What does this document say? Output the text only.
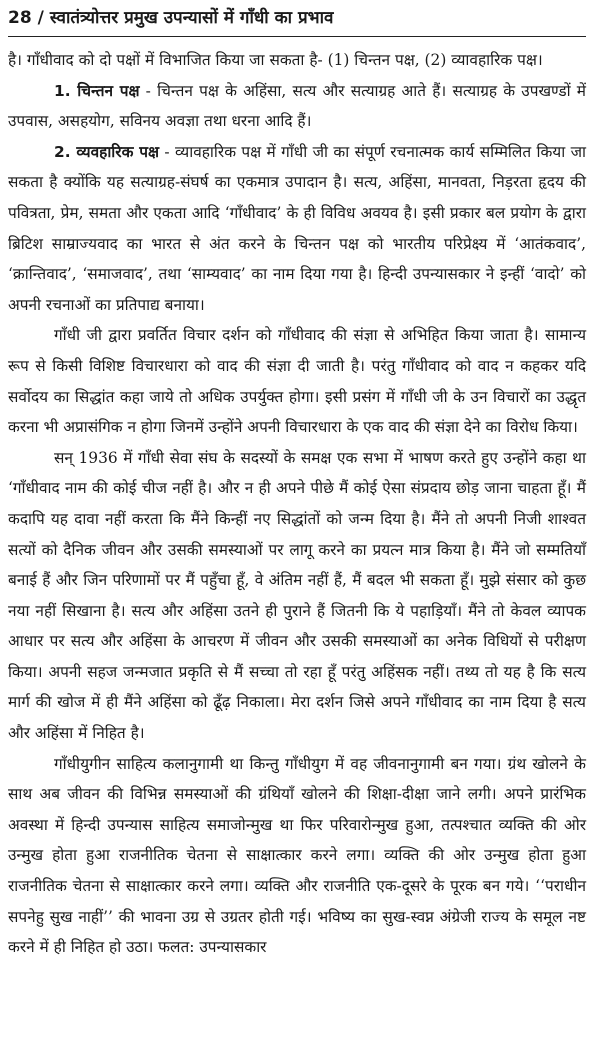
28 / स्वातंत्र्योत्तर प्रमुख उपन्यासों में गाँधी का प्रभाव

है। गाँधीवाद को दो पक्षों में विभाजित किया जा सकता है- (1) चिन्तन पक्ष, (2) व्यावहारिक पक्ष।

1. चिन्तन पक्ष - चिन्तन पक्ष के अहिंसा, सत्य और सत्याग्रह आते हैं। सत्याग्रह के उपखण्डों में उपवास, असहयोग, सविनय अवज्ञा तथा धरना आदि हैं।

2. व्यवहारिक पक्ष - व्यावहारिक पक्ष में गाँधी जी का संपूर्ण रचनात्मक कार्य सम्मिलित किया जा सकता है क्योंकि यह सत्याग्रह-संघर्ष का एकमात्र उपादान है। सत्य, अहिंसा, मानवता, निड़रता हृदय की पवित्रता, प्रेम, समता और एकता आदि ‘गाँधीवाद’ के ही विविध अवयव है। इसी प्रकार बल प्रयोग के द्वारा ब्रिटिश साम्राज्यवाद का भारत से अंत करने के चिन्तन पक्ष को भारतीय परिप्रेक्ष्य में ‘आतंकवाद’, ‘क्रान्तिवाद’, ‘समाजवाद’, तथा ‘साम्यवाद’ का नाम दिया गया है। हिन्दी उपन्यासकार ने इन्हीं ‘वादो’ को अपनी रचनाओं का प्रतिपाद्य बनाया।

गाँधी जी द्वारा प्रवर्तित विचार दर्शन को गाँधीवाद की संज्ञा से अभिहित किया जाता है। सामान्य रूप से किसी विशिष्ट विचारधारा को वाद की संज्ञा दी जाती है। परंतु गाँधीवाद को वाद न कहकर यदि सर्वोदय का सिद्धांत कहा जाये तो अधिक उपर्युक्त होगा। इसी प्रसंग में गाँधी जी के उन विचारों का उद्धृत करना भी अप्रासंगिक न होगा जिनमें उन्होंने अपनी विचारधारा के एक वाद की संज्ञा देने का विरोध किया।

सन् 1936 में गाँधी सेवा संघ के सदस्यों के समक्ष एक सभा में भाषण करते हुए उन्होंने कहा था ‘गाँधीवाद नाम की कोई चीज नहीं है। और न ही अपने पीछे मैं कोई ऐसा संप्रदाय छोड़ जाना चाहता हूँ। मैं कदापि यह दावा नहीं करता कि मैंने किन्हीं नए सिद्धांतों को जन्म दिया है। मैंने तो अपनी निजी शाश्वत सत्यों को दैनिक जीवन और उसकी समस्याओं पर लागू करने का प्रयत्न मात्र किया है। मैंने जो सम्मतियाँ बनाई हैं और जिन परिणामों पर मैं पहुँचा हूँ, वे अंतिम नहीं हैं, मैं बदल भी सकता हूँ। मुझे संसार को कुछ नया नहीं सिखाना है। सत्य और अहिंसा उतने ही पुराने हैं जितनी कि ये पहाड़ियाँ। मैंने तो केवल व्यापक आधार पर सत्य और अहिंसा के आचरण में जीवन और उसकी समस्याओं का अनेक विधियों से परीक्षण किया। अपनी सहज जन्मजात प्रकृति से मैं सच्चा तो रहा हूँ परंतु अहिंसक नहीं। तथ्य तो यह है कि सत्य मार्ग की खोज में ही मैंने अहिंसा को ढूँढ़ निकाला। मेरा दर्शन जिसे अपने गाँधीवाद का नाम दिया है सत्य और अहिंसा में निहित है।

गाँधीयुगीन साहित्य कलानुगामी था किन्तु गाँधीयुग में वह जीवनानुगामी बन गया। ग्रंथ खोलने के साथ अब जीवन की विभिन्न समस्याओं की ग्रंथियाँ खोलने की शिक्षा-दीक्षा जाने लगी। अपने प्रारंभिक अवस्था में हिन्दी उपन्यास साहित्य समाजोन्मुख था फिर परिवारोन्मुख हुआ, तत्पश्चात व्यक्ति की ओर उन्मुख होता हुआ राजनीतिक चेतना से साक्षात्कार करने लगा। व्यक्ति की ओर उन्मुख होता हुआ राजनीतिक चेतना से साक्षात्कार करने लगा। व्यक्ति और राजनीति एक-दूसरे के पूरक बन गये। ‘‘पराधीन सपनेहु सुख नाहीं’’ की भावना उग्र से उग्रतर होती गई। भविष्य का सुख-स्वप्न अंग्रेजी राज्य के समूल नष्ट करने में ही निहित हो उठा। फलत: उपन्यासकार
